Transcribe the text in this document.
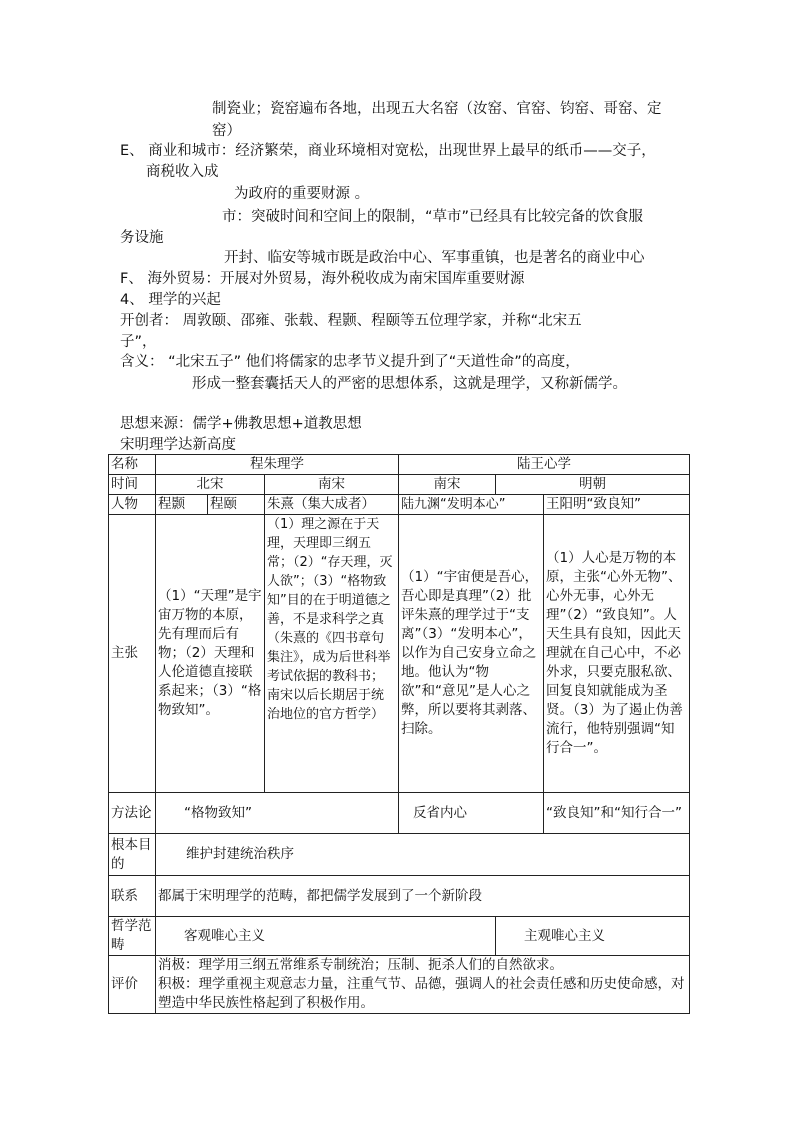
制瓷业；瓷窑遍布各地，出现五大名窑（汝窑、官窑、钧窑、哥窑、定
窑）
E、 商业和城市：经济繁荣，商业环境相对宽松，出现世界上最早的纸币——交子，
商税收入成
为政府的重要财源 。
市：突破时间和空间上的限制，“草市”已经具有比较完备的饮食服
务设施
开封、临安等城市既是政治中心、军事重镇，也是著名的商业中心
F、 海外贸易：开展对外贸易，海外税收成为南宋国库重要财源
4、 理学的兴起
开创者： 周敦颐、邵雍、张载、程颢、程颐等五位理学家，并称“北宋五
子”，
含义： “北宋五子” 他们将儒家的忠孝节义提升到了“天道性命”的高度，
形成一整套囊括天人的严密的思想体系，这就是理学，又称新儒学。
思想来源：儒学+佛教思想+道教思想
宋明理学达新高度
名称	程朱理学			陆王心学		
时间	北宋		南宋	南宋	明朝	
人物	程颢	程颐	朱熹（集大成者）	陆九渊“发明本心”		王阳明“致良知”
主张	（1）“天理”是宇宙万物的本原，先有理而后有物；（2）天理和人伦道德直接联系起来；（3）“格物致知”。		（1）理之源在于天理，天理即三纲五常；（2）“存天理，灭人欲”；（3）“格物致知”目的在于明道德之善，不是求科学之真（朱熹的《四书章句集注》，成为后世科举考试依据的教科书；南宋以后长期居于统治地位的官方哲学）	（1）“宇宙便是吾心，吾心即是真理”（2）批评朱熹的理学过于“支离”（3）“发明本心”，以作为自己安身立命之地。他认为“物欲”和“意见”是人心之弊，所以要将其剥落、扫除。		（1）人心是万物的本原，主张“心外无物”、心外无事，心外无理”（2）“致良知”。人天生具有良知，因此天理就在自己心中，不必外求，只要克服私欲、回复良知就能成为圣贤。（3）为了遏止伪善流行，他特别强调“知行合一”。
方法论	“格物致知”			反省内心		“致良知”和“知行合一”
根本目的	维护封建统治秩序					
联系	都属于宋明理学的范畴，都把儒学发展到了一个新阶段					
哲学范畴	客观唯心主义				主观唯心主义	
评价	消极：理学用三纲五常维系专制统治；压制、扼杀人们的自然欲求。
积极：理学重视主观意志力量，注重气节、品德，强调人的社会责任感和历史使命感，对塑造中华民族性格起到了积极作用。					
